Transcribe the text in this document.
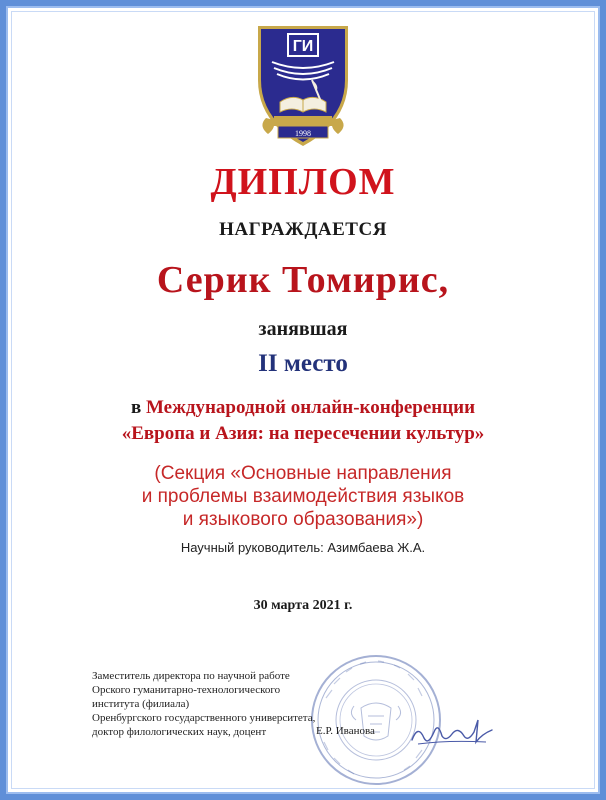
ГИ
1998
ДИПЛОМ
НАГРАЖДАЕТСЯ
Серик Томирис,
занявшая
II место
в Международной онлайн-конференции
«Европа и Азия: на пересечении культур»
(Секция «Основные направления
и проблемы взаимодействия языков
и языкового образования»)
Научный руководитель: Азимбаева Ж.А.
30 марта 2021 г.
Заместитель директора по научной работе
Орского гуманитарно-технологического
института (филиала)
Оренбургского государственного университета,
доктор филологических наук, доцент	Е.Р. Иванова
